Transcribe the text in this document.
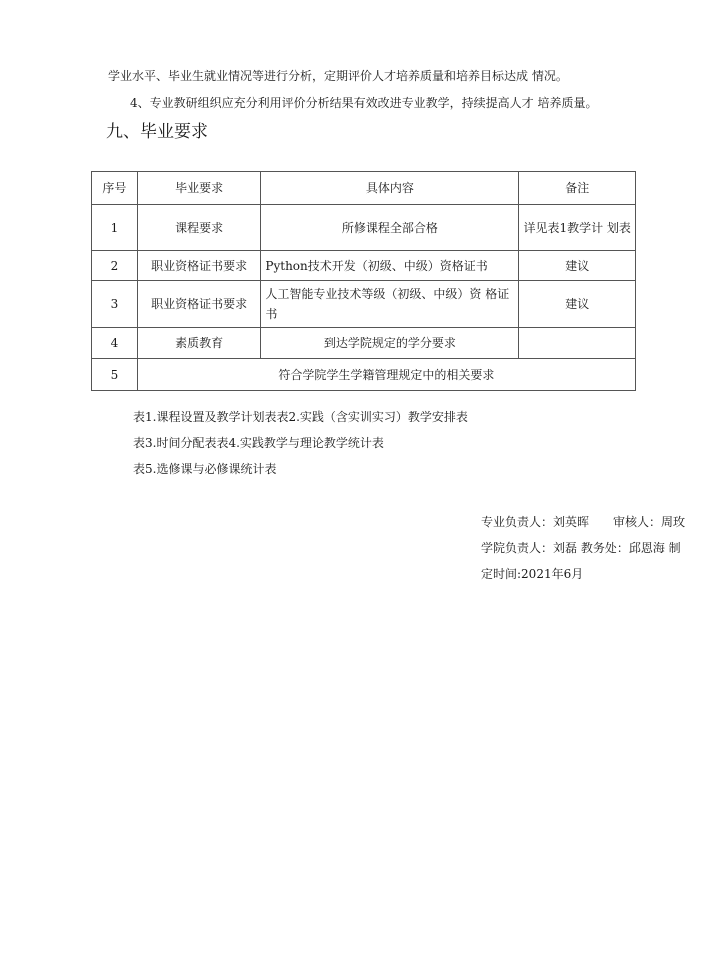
学业水平、毕业生就业情况等进行分析，定期评价人才培养质量和培养目标达成 情况。
4、专业教研组织应充分利用评价分析结果有效改进专业教学，持续提高人才 培养质量。
九、毕业要求
序号	毕业要求	具体内容	备注
1	课程要求	所修课程全部合格	详见表1教学计 划表
2	职业资格证书要求	Python技术开发（初级、中级）资格证书	建议
3	职业资格证书要求	人工智能专业技术等级（初级、中级）资 格证书	建议
4	素质教育	到达学院规定的学分要求	
5	符合学院学生学籍管理规定中的相关要求		
表1.课程设置及教学计划表表2.实践（含实训实习）教学安排表
表3.时间分配表表4.实践教学与理论教学统计表
表5.选修课与必修课统计表
专业负责人：刘英晖　　审核人：周玫
学院负责人：刘磊 教务处：邱恩海 制
定时间:2021年6月
